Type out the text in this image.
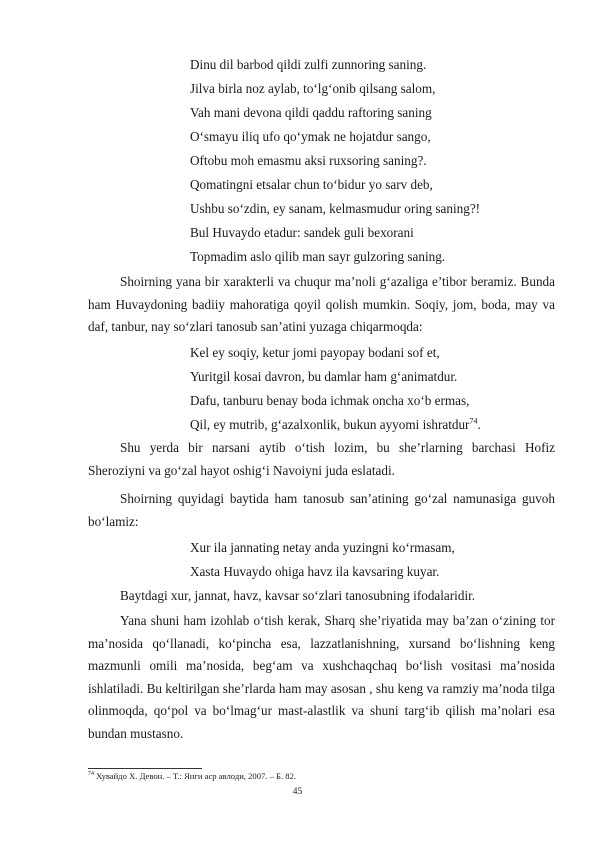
Dinu dil barbod qildi zulfi zunnoring saning.
Jilva birla noz aylab, to‘lg‘onib qilsang salom,
Vah mani devona qildi qaddu raftoring saning
O‘smayu iliq ufo qo‘ymak ne hojatdur sango,
Oftobu moh emasmu aksi ruxsoring saning?.
Qomatingni etsalar chun to‘bidur yo sarv deb,
Ushbu so‘zdin, ey sanam, kelmasmudur oring saning?!
Bul Huvaydo etadur: sandek guli bexorani
Topmadim aslo qilib man sayr gulzoring saning.

Shoirning yana bir xarakterli va chuqur ma’noli g‘azaliga e’tibor beramiz. Bunda ham Huvaydoning badiiy mahoratiga qoyil qolish mumkin. Soqiy, jom, boda, may va daf, tanbur, nay so‘zlari tanosub san’atini yuzaga chiqarmoqda:

Kel ey soqiy, ketur jomi payopay bodani sof et,
Yuritgil kosai davron, bu damlar ham g‘animatdur.
Dafu, tanburu benay boda ichmak oncha xo‘b ermas,
Qil, ey mutrib, g‘azalxonlik, bukun ayyomi ishratdur$^{74}$.

Shu yerda bir narsani aytib o‘tish lozim, bu she’rlarning barchasi Hofiz Sheroziyni va go‘zal hayot oshig‘i Navoiyni juda eslatadi.

Shoirning quyidagi baytida ham tanosub san’atining go‘zal namunasiga guvoh bo‘lamiz:

Xur ila jannating netay anda yuzingni ko‘rmasam,
Xasta Huvaydo ohiga havz ila kavsaring kuyar.

Baytdagi xur, jannat, havz, kavsar so‘zlari tanosubning ifodalaridir.

Yana shuni ham izohlab o‘tish kerak, Sharq she’riyatida may ba’zan o‘zining tor ma’nosida qo‘llanadi, ko‘pincha esa, lazzatlanishning, xursand bo‘lishning keng mazmunli omili ma’nosida, beg‘am va xushchaqchaq bo‘lish vositasi ma’nosida ishlatiladi. Bu keltirilgan she’rlarda ham may asosan , shu keng va ramziy ma’noda tilga olinmoqda, qo‘pol va bo‘lmag‘ur mast-alastlik va shuni targ‘ib qilish ma’nolari esa bundan mustasno.

$^{74}$ Хувайдо Х. Девон. – Т.: Янги аср авлоди, 2007. – Б. 82.
45
